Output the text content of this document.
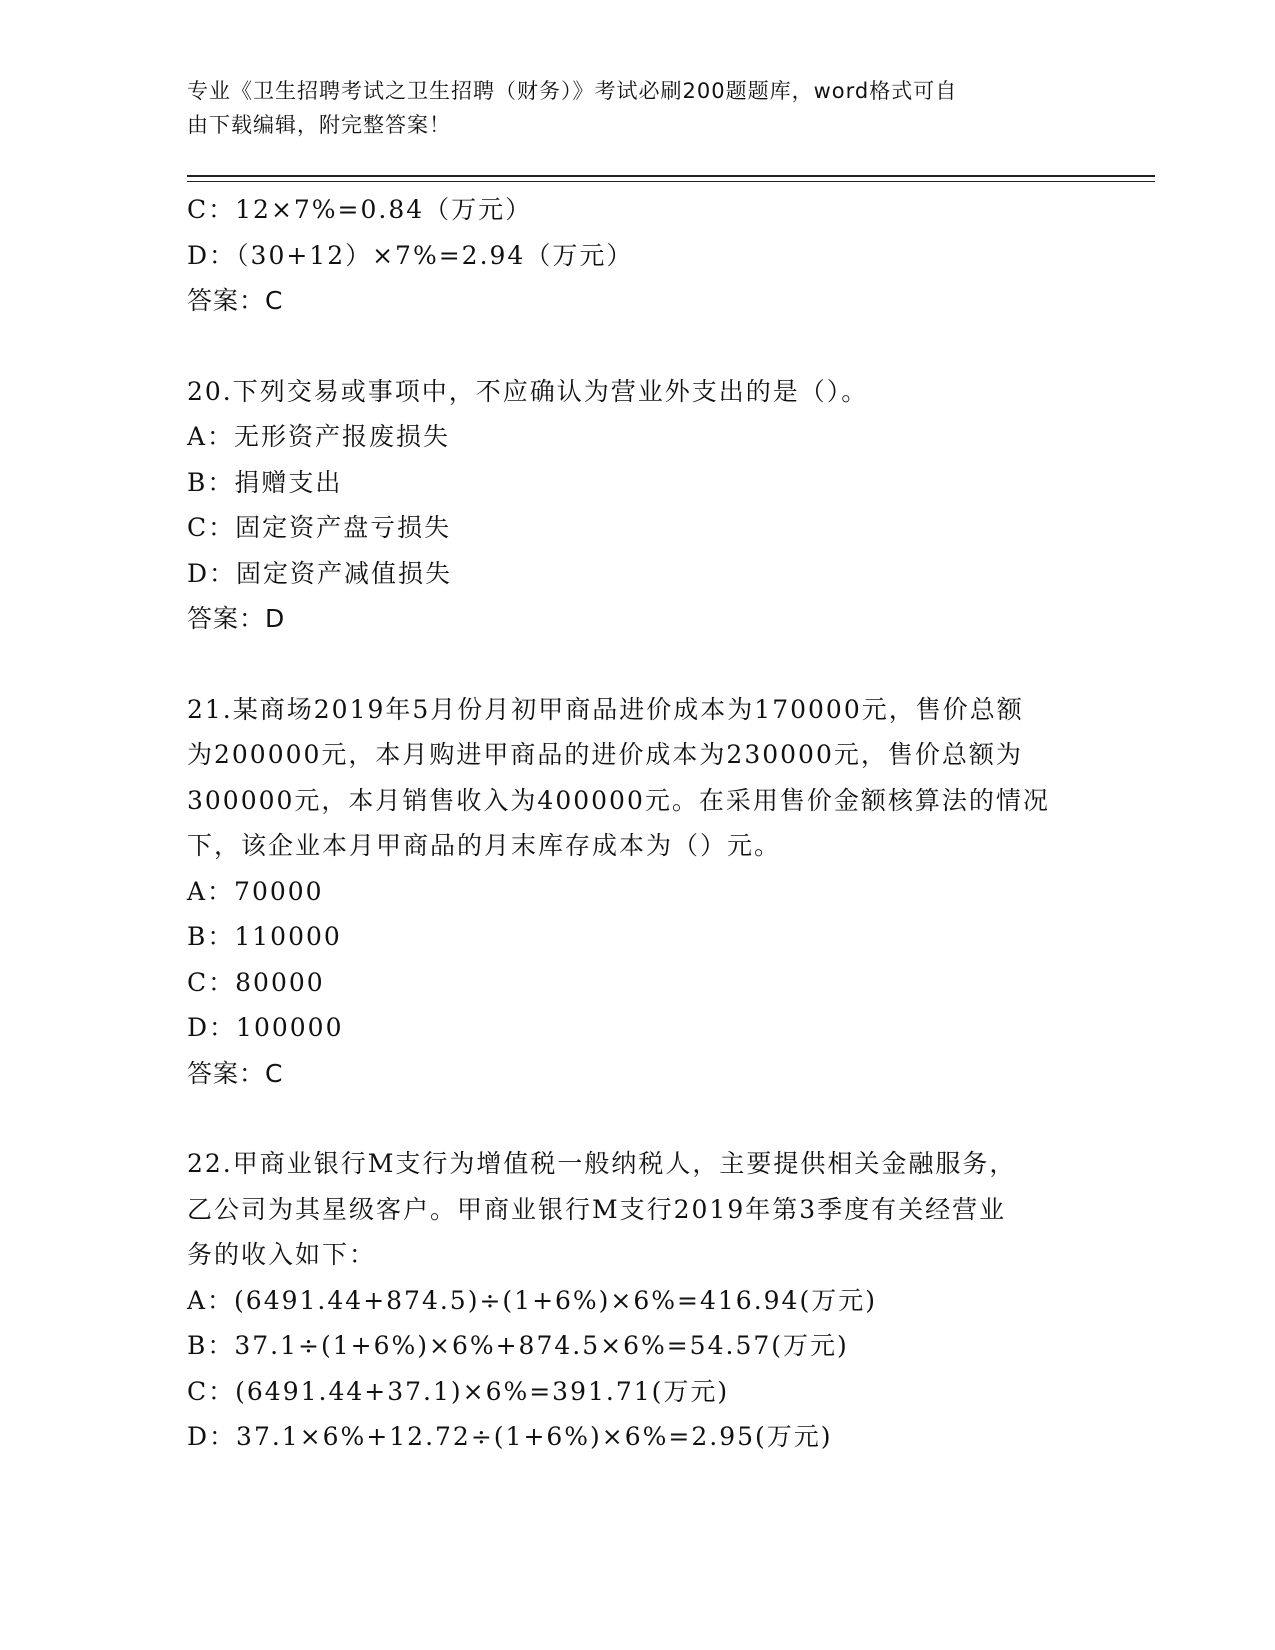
专业《卫生招聘考试之卫生招聘（财务）》考试必刷200题题库，word格式可自
由下载编辑，附完整答案！

C：12×7%=0.84（万元）

D：（30+12）×7%=2.94（万元）

答案：C

20.下列交易或事项中，不应确认为营业外支出的是（）。

A：无形资产报废损失

B：捐赠支出

C：固定资产盘亏损失

D：固定资产减值损失

答案：D

21.某商场2019年5月份月初甲商品进价成本为170000元，售价总额

为200000元，本月购进甲商品的进价成本为230000元，售价总额为

300000元，本月销售收入为400000元。在采用售价金额核算法的情况

下，该企业本月甲商品的月末库存成本为（）元。

A：70000

B：110000

C：80000

D：100000

答案：C

22.甲商业银行M支行为增值税一般纳税人，主要提供相关金融服务，

乙公司为其星级客户。甲商业银行M支行2019年第3季度有关经营业

务的收入如下：

A：(6491.44+874.5)÷(1+6%)×6%=416.94(万元)

B：37.1÷(1+6%)×6%+874.5×6%=54.57(万元)

C：(6491.44+37.1)×6%=391.71(万元)

D：37.1×6%+12.72÷(1+6%)×6%=2.95(万元)
